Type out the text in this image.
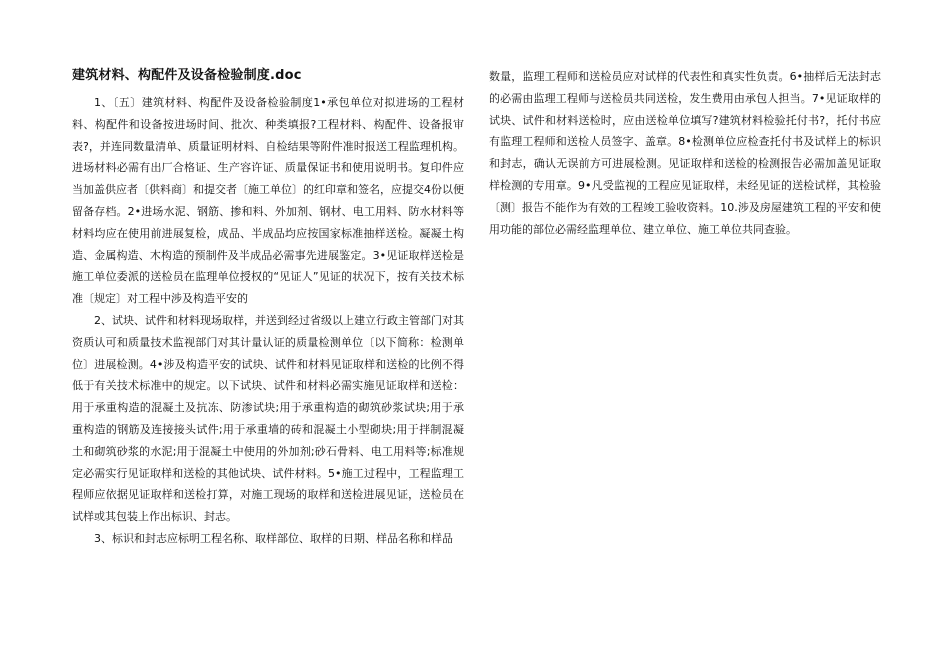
建筑材料、构配件及设备检验制度.doc

1、〔五〕建筑材料、构配件及设备检验制度1•承包单位对拟进场的工程材料、构配件和设备按进场时间、批次、种类填报?工程材料、构配件、设备报审表?，并连同数量清单、质量证明材料、自检结果等附件准时报送工程监理机构。进场材料必需有出厂合格证、生产容许证、质量保证书和使用说明书。复印件应当加盖供应者〔供料商〕和提交者〔施工单位〕的红印章和签名，应提交4份以便留备存档。2•进场水泥、钢筋、掺和料、外加剂、钢材、电工用料、防水材料等材料均应在使用前进展复检，成品、半成品均应按国家标准抽样送检。凝凝土构造、金属构造、木构造的预制件及半成品必需事先进展鉴定。3•见证取样送检是施工单位委派的送检员在监理单位授权的“见证人”见证的状况下，按有关技术标准〔规定〕对工程中涉及构造平安的

2、试块、试件和材料现场取样，并送到经过省级以上建立行政主管部门对其资质认可和质量技术监视部门对其计量认证的质量检测单位〔以下简称：检测单位〕进展检测。4•涉及构造平安的试块、试件和材料见证取样和送检的比例不得低于有关技术标准中的规定。以下试块、试件和材料必需实施见证取样和送检：用于承重构造的混凝土及抗冻、防渗试块;用于承重构造的砌筑砂浆试块;用于承重构造的钢筋及连接接头试件;用于承重墙的砖和混凝土小型砌块;用于拌制混凝土和砌筑砂浆的水泥;用于混凝土中使用的外加剂;砂石骨料、电工用料等;标准规定必需实行见证取样和送检的其他试块、试件材料。5•施工过程中，工程监理工程师应依据见证取样和送检打算，对施工现场的取样和送检进展见证，送检员在试样或其包装上作出标识、封志。

3、标识和封志应标明工程名称、取样部位、取样的日期、样品名称和样品

数量，监理工程师和送检员应对试样的代表性和真实性负责。6•抽样后无法封志的必需由监理工程师与送检员共同送检，发生费用由承包人担当。7•见证取样的试块、试件和材料送检时，应由送检单位填写?建筑材料检验托付书?，托付书应有监理工程师和送检人员签字、盖章。8•检测单位应检查托付书及试样上的标识和封志，确认无误前方可进展检测。见证取样和送检的检测报告必需加盖见证取样检测的专用章。9•凡受监视的工程应见证取样，未经见证的送检试样，其检验〔测〕报告不能作为有效的工程竣工验收资料。10.涉及房屋建筑工程的平安和使用功能的部位必需经监理单位、建立单位、施工单位共同查验。
